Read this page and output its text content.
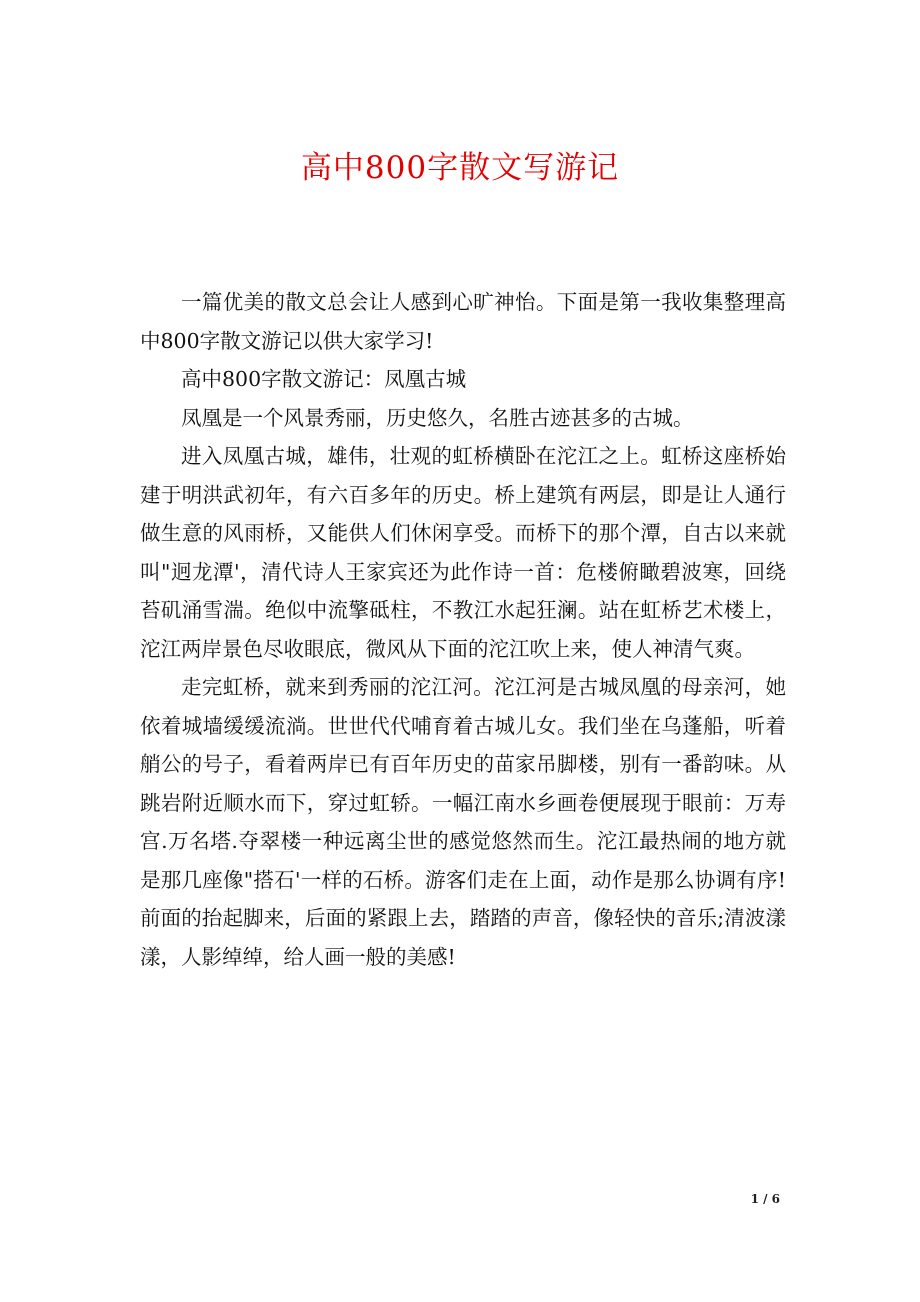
高中800字散文写游记

一篇优美的散文总会让人感到心旷神怡。下面是第一我收集整理高中800字散文游记以供大家学习!

高中800字散文游记：凤凰古城

凤凰是一个风景秀丽，历史悠久，名胜古迹甚多的古城。

进入凤凰古城，雄伟，壮观的虹桥横卧在沱江之上。虹桥这座桥始建于明洪武初年，有六百多年的历史。桥上建筑有两层，即是让人通行做生意的风雨桥，又能供人们休闲享受。而桥下的那个潭，自古以来就叫"迥龙潭'，清代诗人王家宾还为此作诗一首：危楼俯瞰碧波寒，回绕苔矶涌雪湍。绝似中流擎砥柱，不教江水起狂澜。站在虹桥艺术楼上，沱江两岸景色尽收眼底，微风从下面的沱江吹上来，使人神清气爽。

走完虹桥，就来到秀丽的沱江河。沱江河是古城凤凰的母亲河，她依着城墙缓缓流淌。世世代代哺育着古城儿女。我们坐在乌蓬船，听着艄公的号子，看着两岸已有百年历史的苗家吊脚楼，别有一番韵味。从跳岩附近顺水而下，穿过虹轿。一幅江南水乡画卷便展现于眼前：万寿宫.万名塔.夺翠楼一种远离尘世的感觉悠然而生。沱江最热闹的地方就是那几座像"搭石'一样的石桥。游客们走在上面，动作是那么协调有序!前面的抬起脚来，后面的紧跟上去，踏踏的声音，像轻快的音乐;清波漾漾，人影绰绰，给人画一般的美感!

1 / 6
